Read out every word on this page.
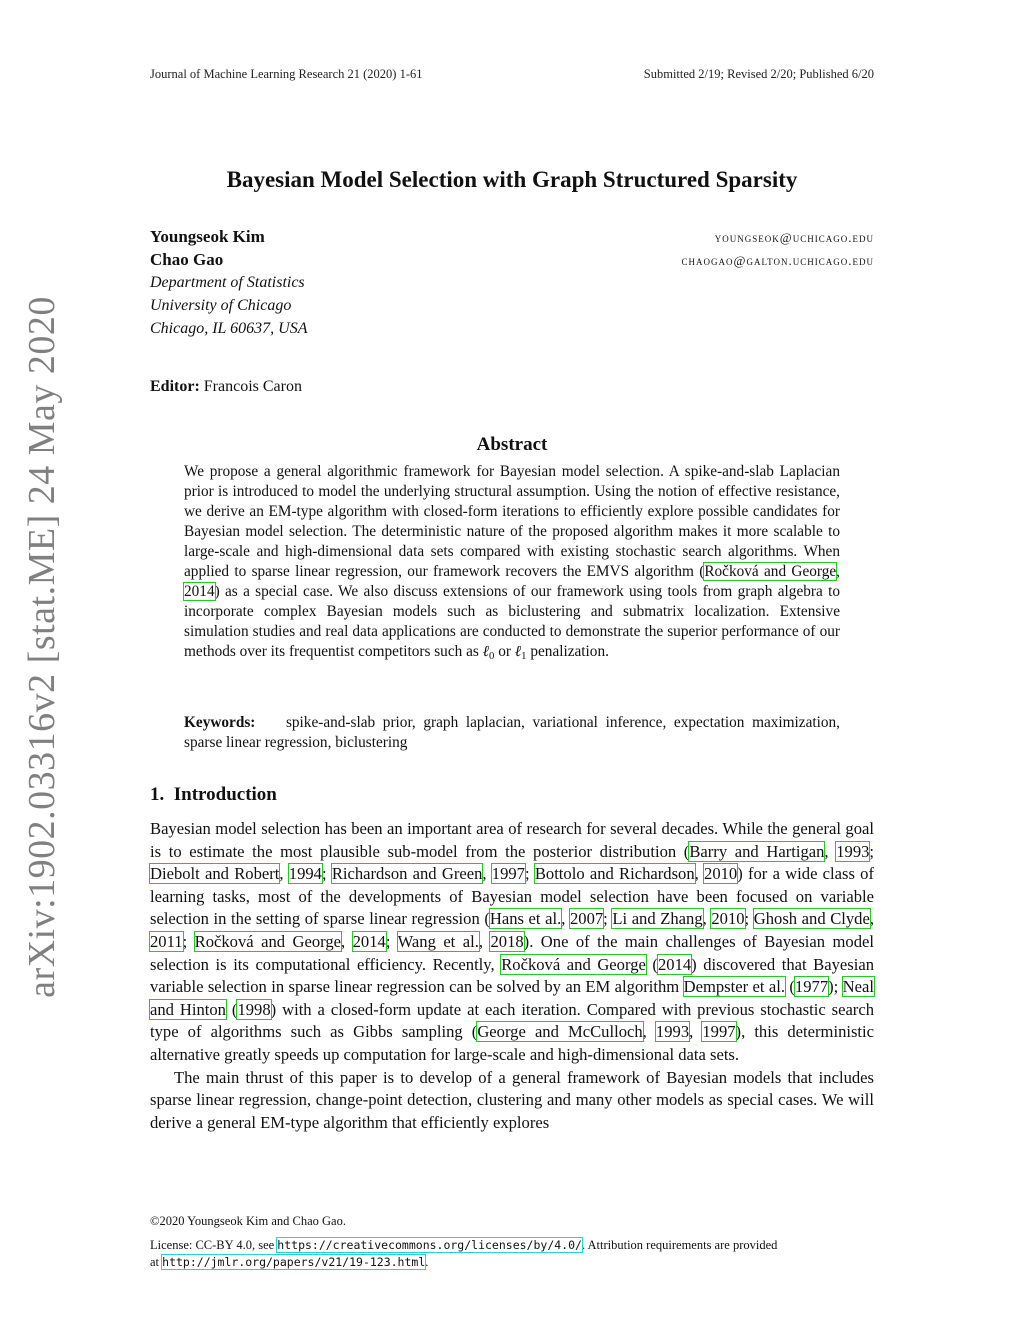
Journal of Machine Learning Research 21 (2020) 1-61	Submitted 2/19; Revised 2/20; Published 6/20
Bayesian Model Selection with Graph Structured Sparsity
Youngseok Kim	youngseok@uchicago.edu
Chao Gao	chaogao@galton.uchicago.edu
Department of Statistics
University of Chicago
Chicago, IL 60637, USA
Editor: Francois Caron
Abstract
We propose a general algorithmic framework for Bayesian model selection. A spike-and-slab Laplacian prior is introduced to model the underlying structural assumption. Using the notion of effective resistance, we derive an EM-type algorithm with closed-form iterations to efficiently explore possible candidates for Bayesian model selection. The deterministic nature of the proposed algorithm makes it more scalable to large-scale and high-dimensional data sets compared with existing stochastic search algorithms. When applied to sparse linear regression, our framework recovers the EMVS algorithm (Ročková and George, 2014) as a special case. We also discuss extensions of our framework using tools from graph algebra to incorporate complex Bayesian models such as biclustering and submatrix localization. Extensive simulation studies and real data applications are conducted to demonstrate the superior performance of our methods over its frequentist competitors such as ℓ$_0$ or ℓ$_1$ penalization.
Keywords: spike-and-slab prior, graph laplacian, variational inference, expectation maximization, sparse linear regression, biclustering
1. Introduction

Bayesian model selection has been an important area of research for several decades. While the general goal is to estimate the most plausible sub-model from the posterior distribution (Barry and Hartigan, 1993; Diebolt and Robert, 1994; Richardson and Green, 1997; Bottolo and Richardson, 2010) for a wide class of learning tasks, most of the developments of Bayesian model selection have been focused on variable selection in the setting of sparse linear regression (Hans et al., 2007; Li and Zhang, 2010; Ghosh and Clyde, 2011; Ročková and George, 2014; Wang et al., 2018). One of the main challenges of Bayesian model selection is its computational efficiency. Recently, Ročková and George (2014) discovered that Bayesian variable selection in sparse linear regression can be solved by an EM algorithm Dempster et al. (1977); Neal and Hinton (1998) with a closed-form update at each iteration. Compared with previous stochastic search type of algorithms such as Gibbs sampling (George and McCulloch, 1993, 1997), this deterministic alternative greatly speeds up computation for large-scale and high-dimensional data sets.

The main thrust of this paper is to develop of a general framework of Bayesian models that includes sparse linear regression, change-point detection, clustering and many other models as special cases. We will derive a general EM-type algorithm that efficiently explores

©2020 Youngseok Kim and Chao Gao.
License: CC-BY 4.0, see https://creativecommons.org/licenses/by/4.0/. Attribution requirements are provided
at http://jmlr.org/papers/v21/19-123.html.
arXiv:1902.03316v2 [stat.ME] 24 May 2020
